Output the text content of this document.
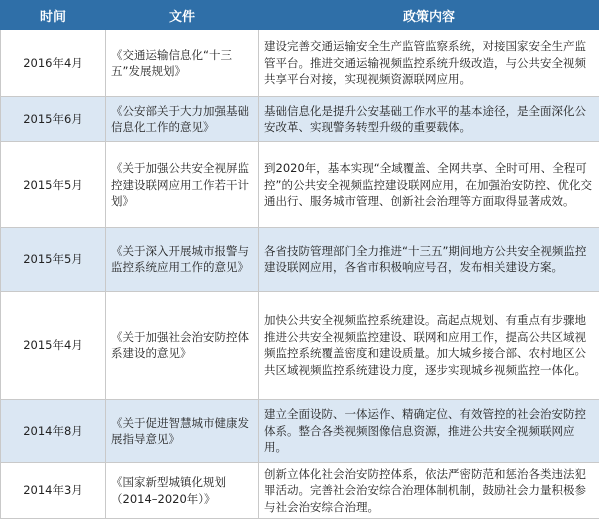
时间	文件	政策内容
2016年4月	《交通运输信息化“十三五”发展规划》	建设完善交通运输安全生产监管监察系统，对接国家安全生产监管平台。推进交通运输视频监控系统升级改造，与公共安全视频共享平台对接，实现视频资源联网应用。
2015年6月	《公安部关于大力加强基础信息化工作的意见》	基础信息化是提升公安基础工作水平的基本途径，是全面深化公安改革、实现警务转型升级的重要载体。
2015年5月	《关于加强公共安全视屏监控建设联网应用工作若干计划》	到2020年，基本实现“全域覆盖、全网共享、全时可用、全程可控”的公共安全视频监控建设联网应用，在加强治安防控、优化交通出行、服务城市管理、创新社会治理等方面取得显著成效。
2015年5月	《关于深入开展城市报警与监控系统应用工作的意见》	各省技防管理部门全力推进“十三五”期间地方公共安全视频监控建设联网应用，各省市积极响应号召，发布相关建设方案。
2015年4月	《关于加强社会治安防控体系建设的意见》	加快公共安全视频监控系统建设。高起点规划、有重点有步骤地推进公共安全视频监控建设、联网和应用工作，提高公共区域视频监控系统覆盖密度和建设质量。加大城乡接合部、农村地区公共区域视频监控系统建设力度，逐步实现城乡视频监控一体化。
2014年8月	《关于促进智慧城市健康发展指导意见》	建立全面设防、一体运作、精确定位、有效管控的社会治安防控体系。整合各类视频图像信息资源，推进公共安全视频联网应用。
2014年3月	《国家新型城镇化规划（2014–2020年）》	创新立体化社会治安防控体系，依法严密防范和惩治各类违法犯罪活动。完善社会治安综合治理体制机制，鼓励社会力量积极参与社会治安综合治理。
